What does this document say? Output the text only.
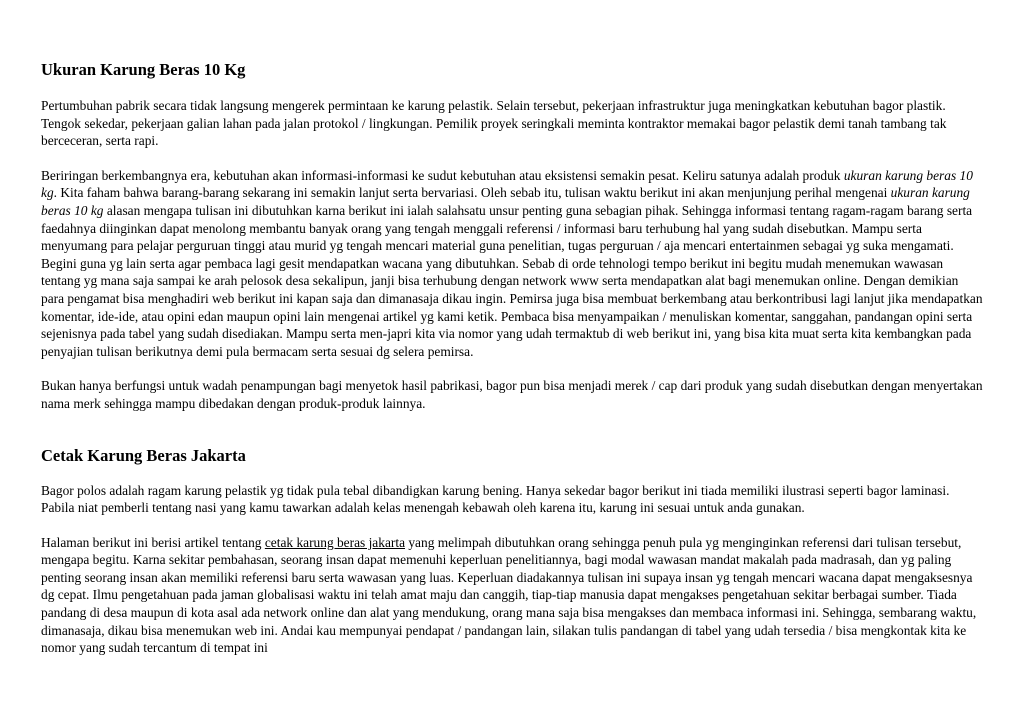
Ukuran Karung Beras 10 Kg

Pertumbuhan pabrik secara tidak langsung mengerek permintaan ke karung pelastik. Selain tersebut, pekerjaan infrastruktur juga meningkatkan kebutuhan bagor plastik. Tengok sekedar, pekerjaan galian lahan pada jalan protokol / lingkungan. Pemilik proyek seringkali meminta kontraktor memakai bagor pelastik demi tanah tambang tak berceceran, serta rapi.

Beriringan berkembangnya era, kebutuhan akan informasi-informasi ke sudut kebutuhan atau eksistensi semakin pesat. Keliru satunya adalah produk ukuran karung beras 10 kg. Kita faham bahwa barang-barang sekarang ini semakin lanjut serta bervariasi. Oleh sebab itu, tulisan waktu berikut ini akan menjunjung perihal mengenai ukuran karung beras 10 kg alasan mengapa tulisan ini dibutuhkan karna berikut ini ialah salahsatu unsur penting guna sebagian pihak. Sehingga informasi tentang ragam-ragam barang serta faedahnya diinginkan dapat menolong membantu banyak orang yang tengah menggali referensi / informasi baru terhubung hal yang sudah disebutkan. Mampu serta menyumang para pelajar perguruan tinggi atau murid yg tengah mencari material guna penelitian, tugas perguruan / aja mencari entertainmen sebagai yg suka mengamati. Begini guna yg lain serta agar pembaca lagi gesit mendapatkan wacana yang dibutuhkan. Sebab di orde tehnologi tempo berikut ini begitu mudah menemukan wawasan tentang yg mana saja sampai ke arah pelosok desa sekalipun, janji bisa terhubung dengan network www serta mendapatkan alat bagi menemukan online. Dengan demikian para pengamat bisa menghadiri web berikut ini kapan saja dan dimanasaja dikau ingin. Pemirsa juga bisa membuat berkembang atau berkontribusi lagi lanjut jika mendapatkan komentar, ide-ide, atau opini edan maupun opini lain mengenai artikel yg kami ketik. Pembaca bisa menyampaikan / menuliskan komentar, sanggahan, pandangan opini serta sejenisnya pada tabel yang sudah disediakan. Mampu serta men-japri kita via nomor yang udah termaktub di web berikut ini, yang bisa kita muat serta kita kembangkan pada penyajian tulisan berikutnya demi pula bermacam serta sesuai dg selera pemirsa.

Bukan hanya berfungsi untuk wadah penampungan bagi menyetok hasil pabrikasi, bagor pun bisa menjadi merek / cap dari produk yang sudah disebutkan dengan menyertakan nama merk sehingga mampu dibedakan dengan produk-produk lainnya.

Cetak Karung Beras Jakarta

Bagor polos adalah ragam karung pelastik yg tidak pula tebal dibandigkan karung bening. Hanya sekedar bagor berikut ini tiada memiliki ilustrasi seperti bagor laminasi. Pabila niat pemberli tentang nasi yang kamu tawarkan adalah kelas menengah kebawah oleh karena itu, karung ini sesuai untuk anda gunakan.

Halaman berikut ini berisi artikel tentang cetak karung beras jakarta yang melimpah dibutuhkan orang sehingga penuh pula yg menginginkan referensi dari tulisan tersebut, mengapa begitu. Karna sekitar pembahasan, seorang insan dapat memenuhi keperluan penelitiannya, bagi modal wawasan mandat makalah pada madrasah, dan yg paling penting seorang insan akan memiliki referensi baru serta wawasan yang luas. Keperluan diadakannya tulisan ini supaya insan yg tengah mencari wacana dapat mengaksesnya dg cepat. Ilmu pengetahuan pada jaman globalisasi waktu ini telah amat maju dan canggih, tiap-tiap manusia dapat mengakses pengetahuan sekitar berbagai sumber. Tiada pandang di desa maupun di kota asal ada network online dan alat yang mendukung, orang mana saja bisa mengakses dan membaca informasi ini. Sehingga, sembarang waktu, dimanasaja, dikau bisa menemukan web ini. Andai kau mempunyai pendapat / pandangan lain, silakan tulis pandangan di tabel yang udah tersedia / bisa mengkontak kita ke nomor yang sudah tercantum di tempat ini
